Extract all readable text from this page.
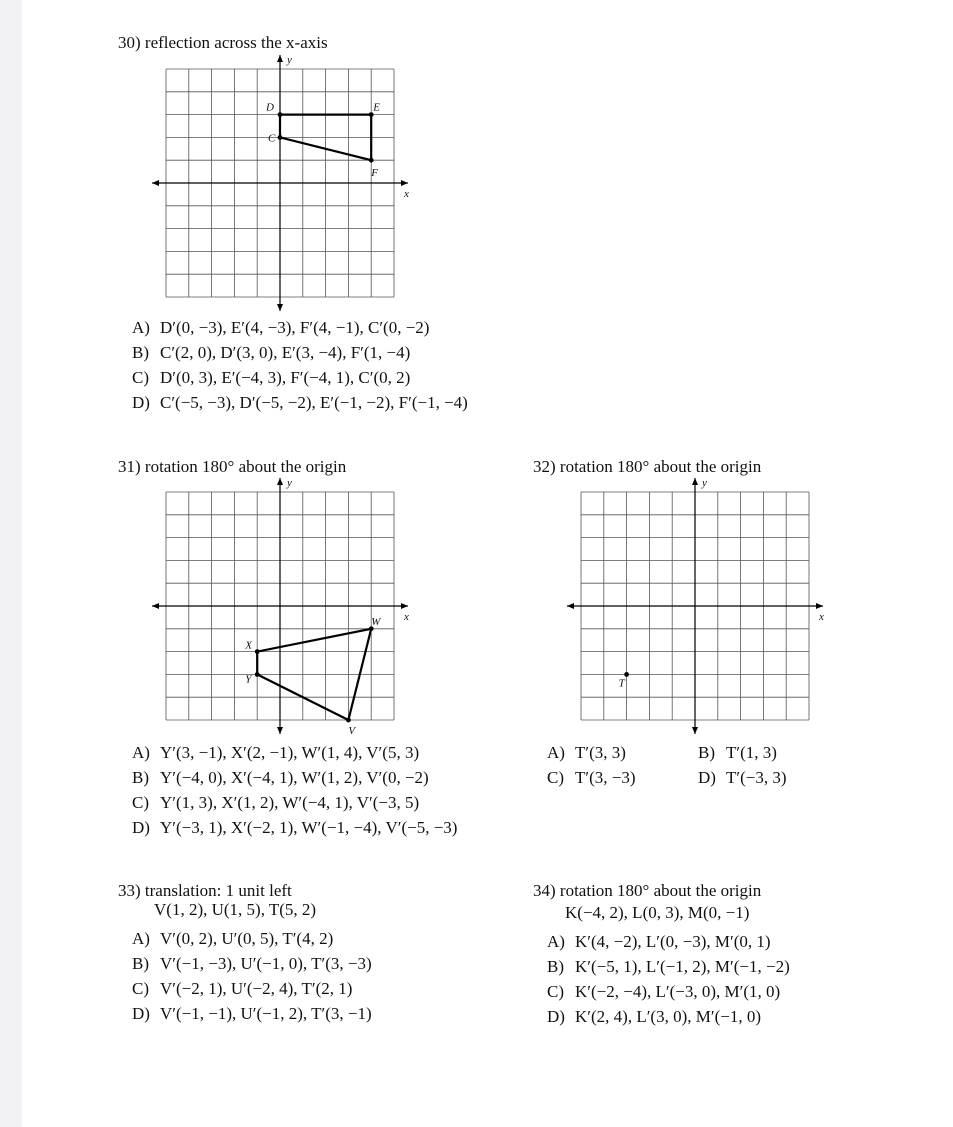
30) reflection across the x-axis
x
y
D	E
F
C
A) D′(0, −3), E′(4, −3), F′(4, −1), C′(0, −2)
B) C′(2, 0), D′(3, 0), E′(3, −4), F′(1, −4)
C) D′(0, 3), E′(−4, 3), F′(−4, 1), C′(0, 2)
D) C′(−5, −3), D′(−5, −2), E′(−1, −2), F′(−1, −4)
31) rotation 180° about the origin
x
y
W
V
Y
X
A) Y′(3, −1), X′(2, −1), W′(1, 4), V′(5, 3)
B) Y′(−4, 0), X′(−4, 1), W′(1, 2), V′(0, −2)
C) Y′(1, 3), X′(1, 2), W′(−4, 1), V′(−3, 5)
D) Y′(−3, 1), X′(−2, 1), W′(−1, −4), V′(−5, −3)
32) rotation 180° about the origin
x
y
T
A) T′(3, 3)	B) T′(1, 3)
C) T′(3, −3)	D) T′(−3, 3)
33) translation: 1 unit left
V(1, 2), U(1, 5), T(5, 2)
A) V′(0, 2), U′(0, 5), T′(4, 2)
B) V′(−1, −3), U′(−1, 0), T′(3, −3)
C) V′(−2, 1), U′(−2, 4), T′(2, 1)
D) V′(−1, −1), U′(−1, 2), T′(3, −1)
34) rotation 180° about the origin
K(−4, 2), L(0, 3), M(0, −1)
A) K′(4, −2), L′(0, −3), M′(0, 1)
B) K′(−5, 1), L′(−1, 2), M′(−1, −2)
C) K′(−2, −4), L′(−3, 0), M′(1, 0)
D) K′(2, 4), L′(3, 0), M′(−1, 0)
